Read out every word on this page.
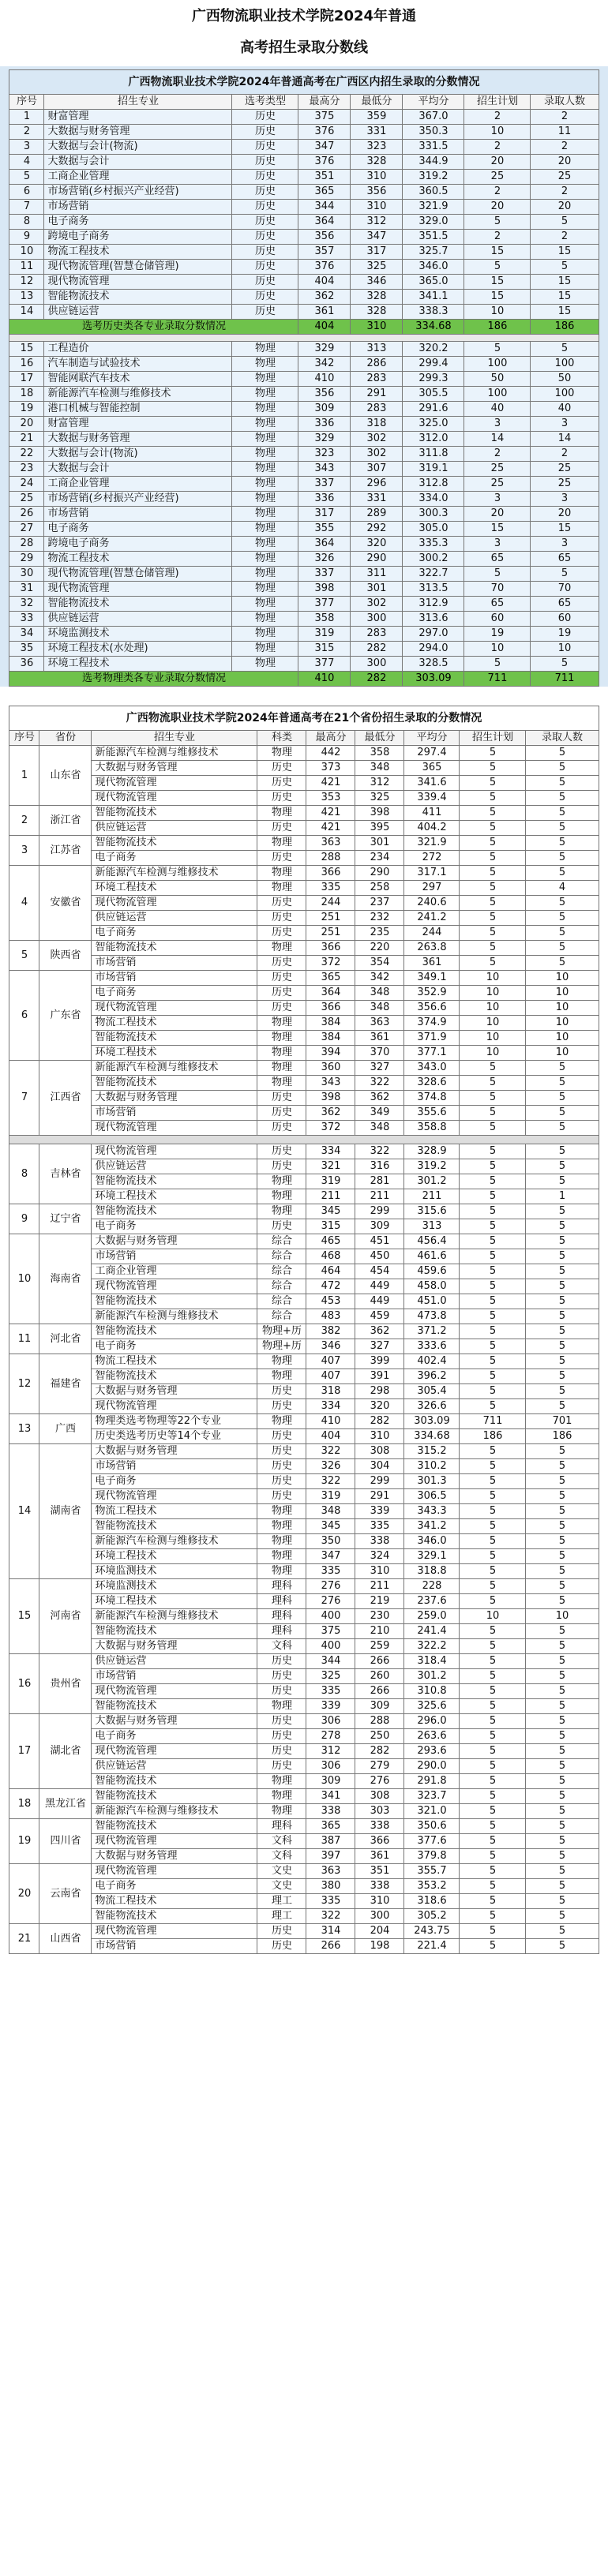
广西物流职业技术学院2024年普通
高考招生录取分数线
广西物流职业技术学院2024年普通高考在广西区内招生录取的分数情况							
序号	招生专业	选考类型	最高分	最低分	平均分	招生计划	录取人数
1	财富管理	历史	375	359	367.0	2	2
2	大数据与财务管理	历史	376	331	350.3	10	11
3	大数据与会计(物流)	历史	347	323	331.5	2	2
4	大数据与会计	历史	376	328	344.9	20	20
5	工商企业管理	历史	351	310	319.2	25	25
6	市场营销(乡村振兴产业经营)	历史	365	356	360.5	2	2
7	市场营销	历史	344	310	321.9	20	20
8	电子商务	历史	364	312	329.0	5	5
9	跨境电子商务	历史	356	347	351.5	2	2
10	物流工程技术	历史	357	317	325.7	15	15
11	现代物流管理(智慧仓储管理)	历史	376	325	346.0	5	5
12	现代物流管理	历史	404	346	365.0	15	15
13	智能物流技术	历史	362	328	341.1	15	15
14	供应链运营	历史	361	328	338.3	10	15
选考历史类各专业录取分数情况			404	310	334.68	186	186

15	工程造价	物理	329	313	320.2	5	5
16	汽车制造与试验技术	物理	342	286	299.4	100	100
17	智能网联汽车技术	物理	410	283	299.3	50	50
18	新能源汽车检测与维修技术	物理	356	291	305.5	100	100
19	港口机械与智能控制	物理	309	283	291.6	40	40
20	财富管理	物理	336	318	325.0	3	3
21	大数据与财务管理	物理	329	302	312.0	14	14
22	大数据与会计(物流)	物理	323	302	311.8	2	2
23	大数据与会计	物理	343	307	319.1	25	25
24	工商企业管理	物理	337	296	312.8	25	25
25	市场营销(乡村振兴产业经营)	物理	336	331	334.0	3	3
26	市场营销	物理	317	289	300.3	20	20
27	电子商务	物理	355	292	305.0	15	15
28	跨境电子商务	物理	364	320	335.3	3	3
29	物流工程技术	物理	326	290	300.2	65	65
30	现代物流管理(智慧仓储管理)	物理	337	311	322.7	5	5
31	现代物流管理	物理	398	301	313.5	70	70
32	智能物流技术	物理	377	302	312.9	65	65
33	供应链运营	物理	358	300	313.6	60	60
34	环境监测技术	物理	319	283	297.0	19	19
35	环境工程技术(水处理)	物理	315	282	294.0	10	10
36	环境工程技术	物理	377	300	328.5	5	5
选考物理类各专业录取分数情况			410	282	303.09	711	711
广西物流职业技术学院2024年普通高考在21个省份招生录取的分数情况								
序号	省份	招生专业	科类	最高分	最低分	平均分	招生计划	录取人数
1	山东省	新能源汽车检测与维修技术	物理	442	358	297.4	5	5
		大数据与财务管理	历史	373	348	365	5	5
		现代物流管理	历史	421	312	341.6	5	5
		现代物流管理	历史	353	325	339.4	5	5
2	浙江省	智能物流技术	物理	421	398	411	5	5
		供应链运营	历史	421	395	404.2	5	5
3	江苏省	智能物流技术	物理	363	301	321.9	5	5
		电子商务	历史	288	234	272	5	5
4	安徽省	新能源汽车检测与维修技术	物理	366	290	317.1	5	5
		环境工程技术	物理	335	258	297	5	4
		现代物流管理	历史	244	237	240.6	5	5
		供应链运营	历史	251	232	241.2	5	5
		电子商务	历史	251	235	244	5	5
5	陕西省	智能物流技术	物理	366	220	263.8	5	5
		市场营销	历史	372	354	361	5	5
6	广东省	市场营销	历史	365	342	349.1	10	10
		电子商务	历史	364	348	352.9	10	10
		现代物流管理	历史	366	348	356.6	10	10
		物流工程技术	物理	384	363	374.9	10	10
		智能物流技术	物理	384	361	371.9	10	10
		环境工程技术	物理	394	370	377.1	10	10
7	江西省	新能源汽车检测与维修技术	物理	360	327	343.0	5	5
		智能物流技术	物理	343	322	328.6	5	5
		大数据与财务管理	历史	398	362	374.8	5	5
		市场营销	历史	362	349	355.6	5	5
		现代物流管理	历史	372	348	358.8	5	5

8	吉林省	现代物流管理	历史	334	322	328.9	5	5
		供应链运营	历史	321	316	319.2	5	5
		智能物流技术	物理	319	281	301.2	5	5
		环境工程技术	物理	211	211	211	5	1
9	辽宁省	智能物流技术	物理	345	299	315.6	5	5
		电子商务	历史	315	309	313	5	5
10	海南省	大数据与财务管理	综合	465	451	456.4	5	5
		市场营销	综合	468	450	461.6	5	5
		工商企业管理	综合	464	454	459.6	5	5
		现代物流管理	综合	472	449	458.0	5	5
		智能物流技术	综合	453	449	451.0	5	5
		新能源汽车检测与维修技术	综合	483	459	473.8	5	5
11	河北省	智能物流技术	物理+历	382	362	371.2	5	5
		电子商务	物理+历	346	327	333.6	5	5
12	福建省	物流工程技术	物理	407	399	402.4	5	5
		智能物流技术	物理	407	391	396.2	5	5
		大数据与财务管理	历史	318	298	305.4	5	5
		现代物流管理	历史	334	320	326.6	5	5
13	广西	物理类选考物理等22个专业	物理	410	282	303.09	711	701
		历史类选考历史等14个专业	历史	404	310	334.68	186	186
14	湖南省	大数据与财务管理	历史	322	308	315.2	5	5
		市场营销	历史	326	304	310.2	5	5
		电子商务	历史	322	299	301.3	5	5
		现代物流管理	历史	319	291	306.5	5	5
		物流工程技术	物理	348	339	343.3	5	5
		智能物流技术	物理	345	335	341.2	5	5
		新能源汽车检测与维修技术	物理	350	338	346.0	5	5
		环境工程技术	物理	347	324	329.1	5	5
		环境监测技术	物理	335	310	318.8	5	5
15	河南省	环境监测技术	理科	276	211	228	5	5
		环境工程技术	理科	276	219	237.6	5	5
		新能源汽车检测与维修技术	理科	400	230	259.0	10	10
		智能物流技术	理科	375	210	241.4	5	5
		大数据与财务管理	文科	400	259	322.2	5	5
16	贵州省	供应链运营	历史	344	266	318.4	5	5
		市场营销	历史	325	260	301.2	5	5
		现代物流管理	历史	335	266	310.8	5	5
		智能物流技术	物理	339	309	325.6	5	5
17	湖北省	大数据与财务管理	历史	306	288	296.0	5	5
		电子商务	历史	278	250	263.6	5	5
		现代物流管理	历史	312	282	293.6	5	5
		供应链运营	历史	306	279	290.0	5	5
		智能物流技术	物理	309	276	291.8	5	5
18	黑龙江省	智能物流技术	物理	341	308	323.7	5	5
		新能源汽车检测与维修技术	物理	338	303	321.0	5	5
19	四川省	智能物流技术	理科	365	338	350.6	5	5
		现代物流管理	文科	387	366	377.6	5	5
		大数据与财务管理	文科	397	361	379.8	5	5
20	云南省	现代物流管理	文史	363	351	355.7	5	5
		电子商务	文史	380	338	353.2	5	5
		物流工程技术	理工	335	310	318.6	5	5
		智能物流技术	理工	322	300	305.2	5	5
21	山西省	现代物流管理	历史	314	204	243.75	5	5
		市场营销	历史	266	198	221.4	5	5
